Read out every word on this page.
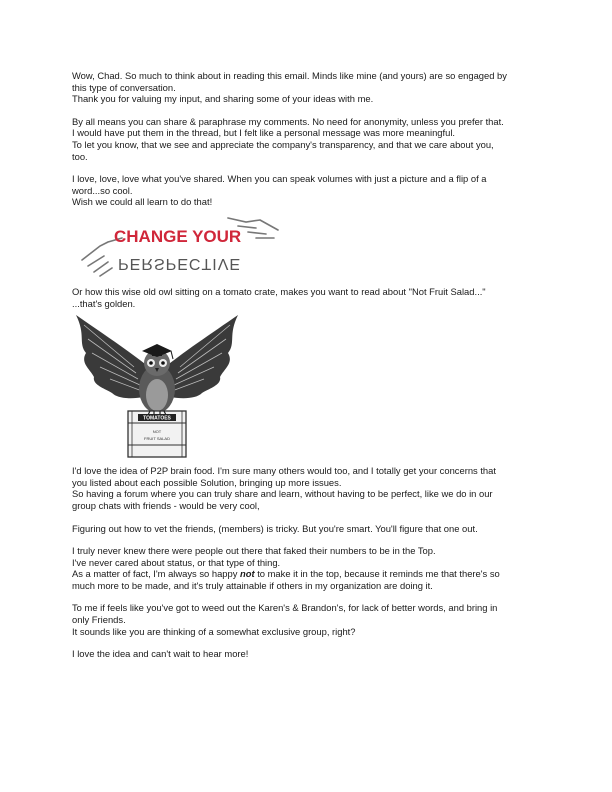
Wow, Chad. So much to think about in reading this email. Minds like mine (and yours) are so engaged by

this type of conversation.

Thank you for valuing my input, and sharing some of your ideas with me.

By all means you can share & paraphrase my comments. No need for anonymity, unless you prefer that.

I would have put them in the thread, but I felt like a personal message was more meaningful.

To let you know, that we see and appreciate the company's transparency, and that we care about you,

too.

I love, love, love what you've shared. When you can speak volumes with just a picture and a flip of a

word...so cool.

Wish we could all learn to do that!

CHANGE YOUR
PERSPECTIVE

Or how this wise old owl sitting on a tomato crate, makes you want to read about "Not Fruit Salad..."

...that's golden.

TOMATOES
NOT
FRUIT SALAD

I'd love the idea of P2P brain food. I'm sure many others would too, and I totally get your concerns that

you listed about each possible Solution, bringing up more issues.

So having a forum where you can truly share and learn, without having to be perfect, like we do in our

group chats with friends - would be very cool,

Figuring out how to vet the friends, (members) is tricky. But you're smart. You'll figure that one out.

I truly never knew there were people out there that faked their numbers to be in the Top.

I've never cared about status, or that type of thing.

As a matter of fact, I'm always so happy not to make it in the top, because it reminds me that there's so

much more to be made, and it's truly attainable if others in my organization are doing it.

To me if feels like you've got to weed out the Karen's & Brandon's, for lack of better words, and bring in

only Friends.

It sounds like you are thinking of a somewhat exclusive group, right?

I love the idea and can't wait to hear more!
